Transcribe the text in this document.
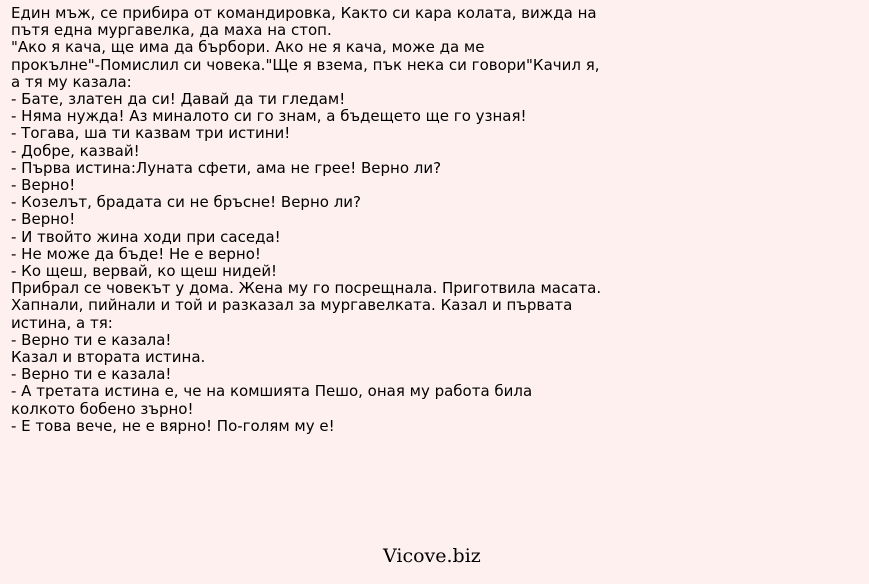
Един мъж, се прибира от командировка, Както си кара колата, вижда на
пътя една мургавелка, да маха на стоп.
"Ако я кача, ще има да бърбори. Ако не я кача, може да ме
прокълне"-Помислил си човека."Ще я взема, пък нека си говори"Качил я,
а тя му казала:
- Бате, златен да си! Давай да ти гледам!
- Няма нужда! Аз миналото си го знам, а бъдещето ще го узная!
- Тогава, ша ти казвам три истини!
- Добре, казвай!
- Първа истина:Луната сфети, ама не грее! Верно ли?
- Верно!
- Козелът, брадата си не бръсне! Верно ли?
- Верно!
- И твойто жина ходи при саседа!
- Не може да бъде! Не е верно!
- Ко щеш, вервай, ко щеш нидей!
Прибрал се човекът у дома. Жена му го посрещнала. Приготвила масата.
Хапнали, пийнали и той и разказал за мургавелката. Казал и първата
истина, а тя:
- Верно ти е казала!
Казал и втората истина.
- Верно ти е казала!
- А третата истина е, че на комшията Пешо, оная му работа била
колкото бобено зърно!
- Е това вече, не е вярно! По-голям му е!
Vicove.biz
